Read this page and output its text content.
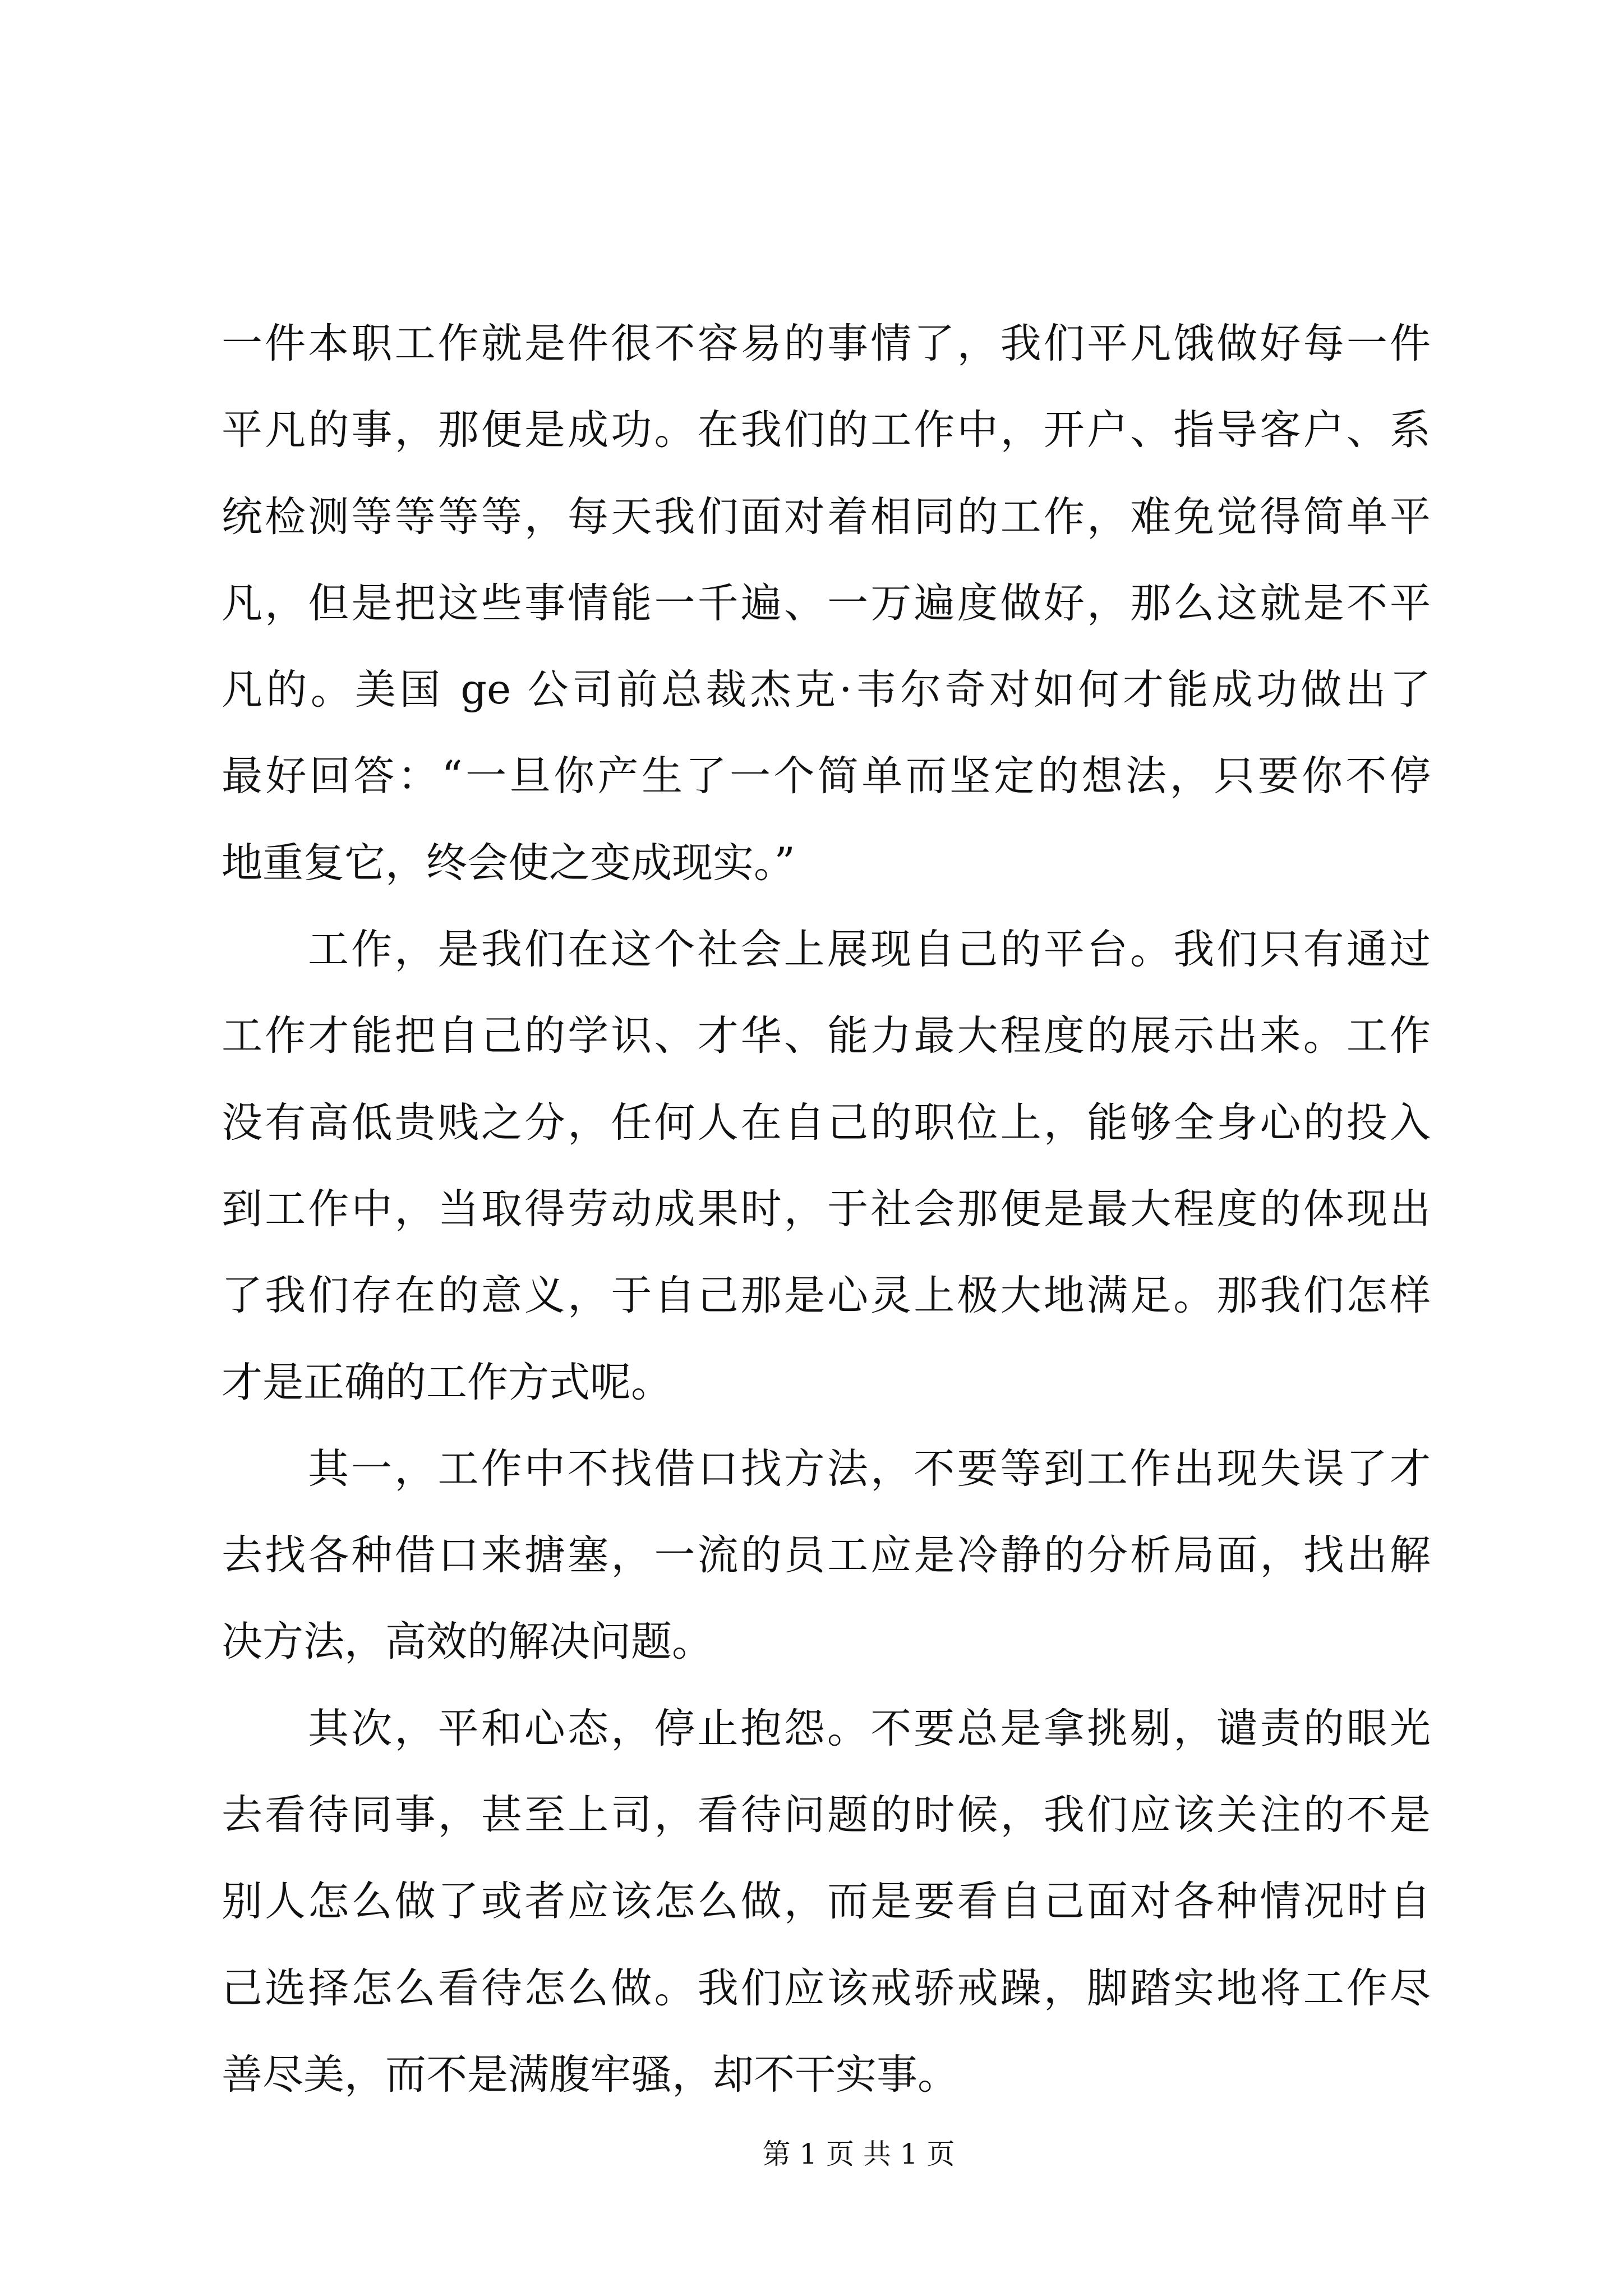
一件本职工作就是件很不容易的事情了，我们平凡饿做好每一件
平凡的事，那便是成功。在我们的工作中，开户、指导客户、系
统检测等等等等，每天我们面对着相同的工作，难免觉得简单平
凡，但是把这些事情能一千遍、一万遍度做好，那么这就是不平
凡的。美国 ge 公司前总裁杰克·韦尔奇对如何才能成功做出了
最好回答：“一旦你产生了一个简单而坚定的想法，只要你不停
地重复它，终会使之变成现实。”
工作，是我们在这个社会上展现自己的平台。我们只有通过
工作才能把自己的学识、才华、能力最大程度的展示出来。工作
没有高低贵贱之分，任何人在自己的职位上，能够全身心的投入
到工作中，当取得劳动成果时，于社会那便是最大程度的体现出
了我们存在的意义，于自己那是心灵上极大地满足。那我们怎样
才是正确的工作方式呢。
其一，工作中不找借口找方法，不要等到工作出现失误了才
去找各种借口来搪塞，一流的员工应是冷静的分析局面，找出解
决方法，高效的解决问题。
其次，平和心态，停止抱怨。不要总是拿挑剔，谴责的眼光
去看待同事，甚至上司，看待问题的时候，我们应该关注的不是
别人怎么做了或者应该怎么做，而是要看自己面对各种情况时自
己选择怎么看待怎么做。我们应该戒骄戒躁，脚踏实地将工作尽
善尽美，而不是满腹牢骚，却不干实事。
第 1 页 共 1 页
